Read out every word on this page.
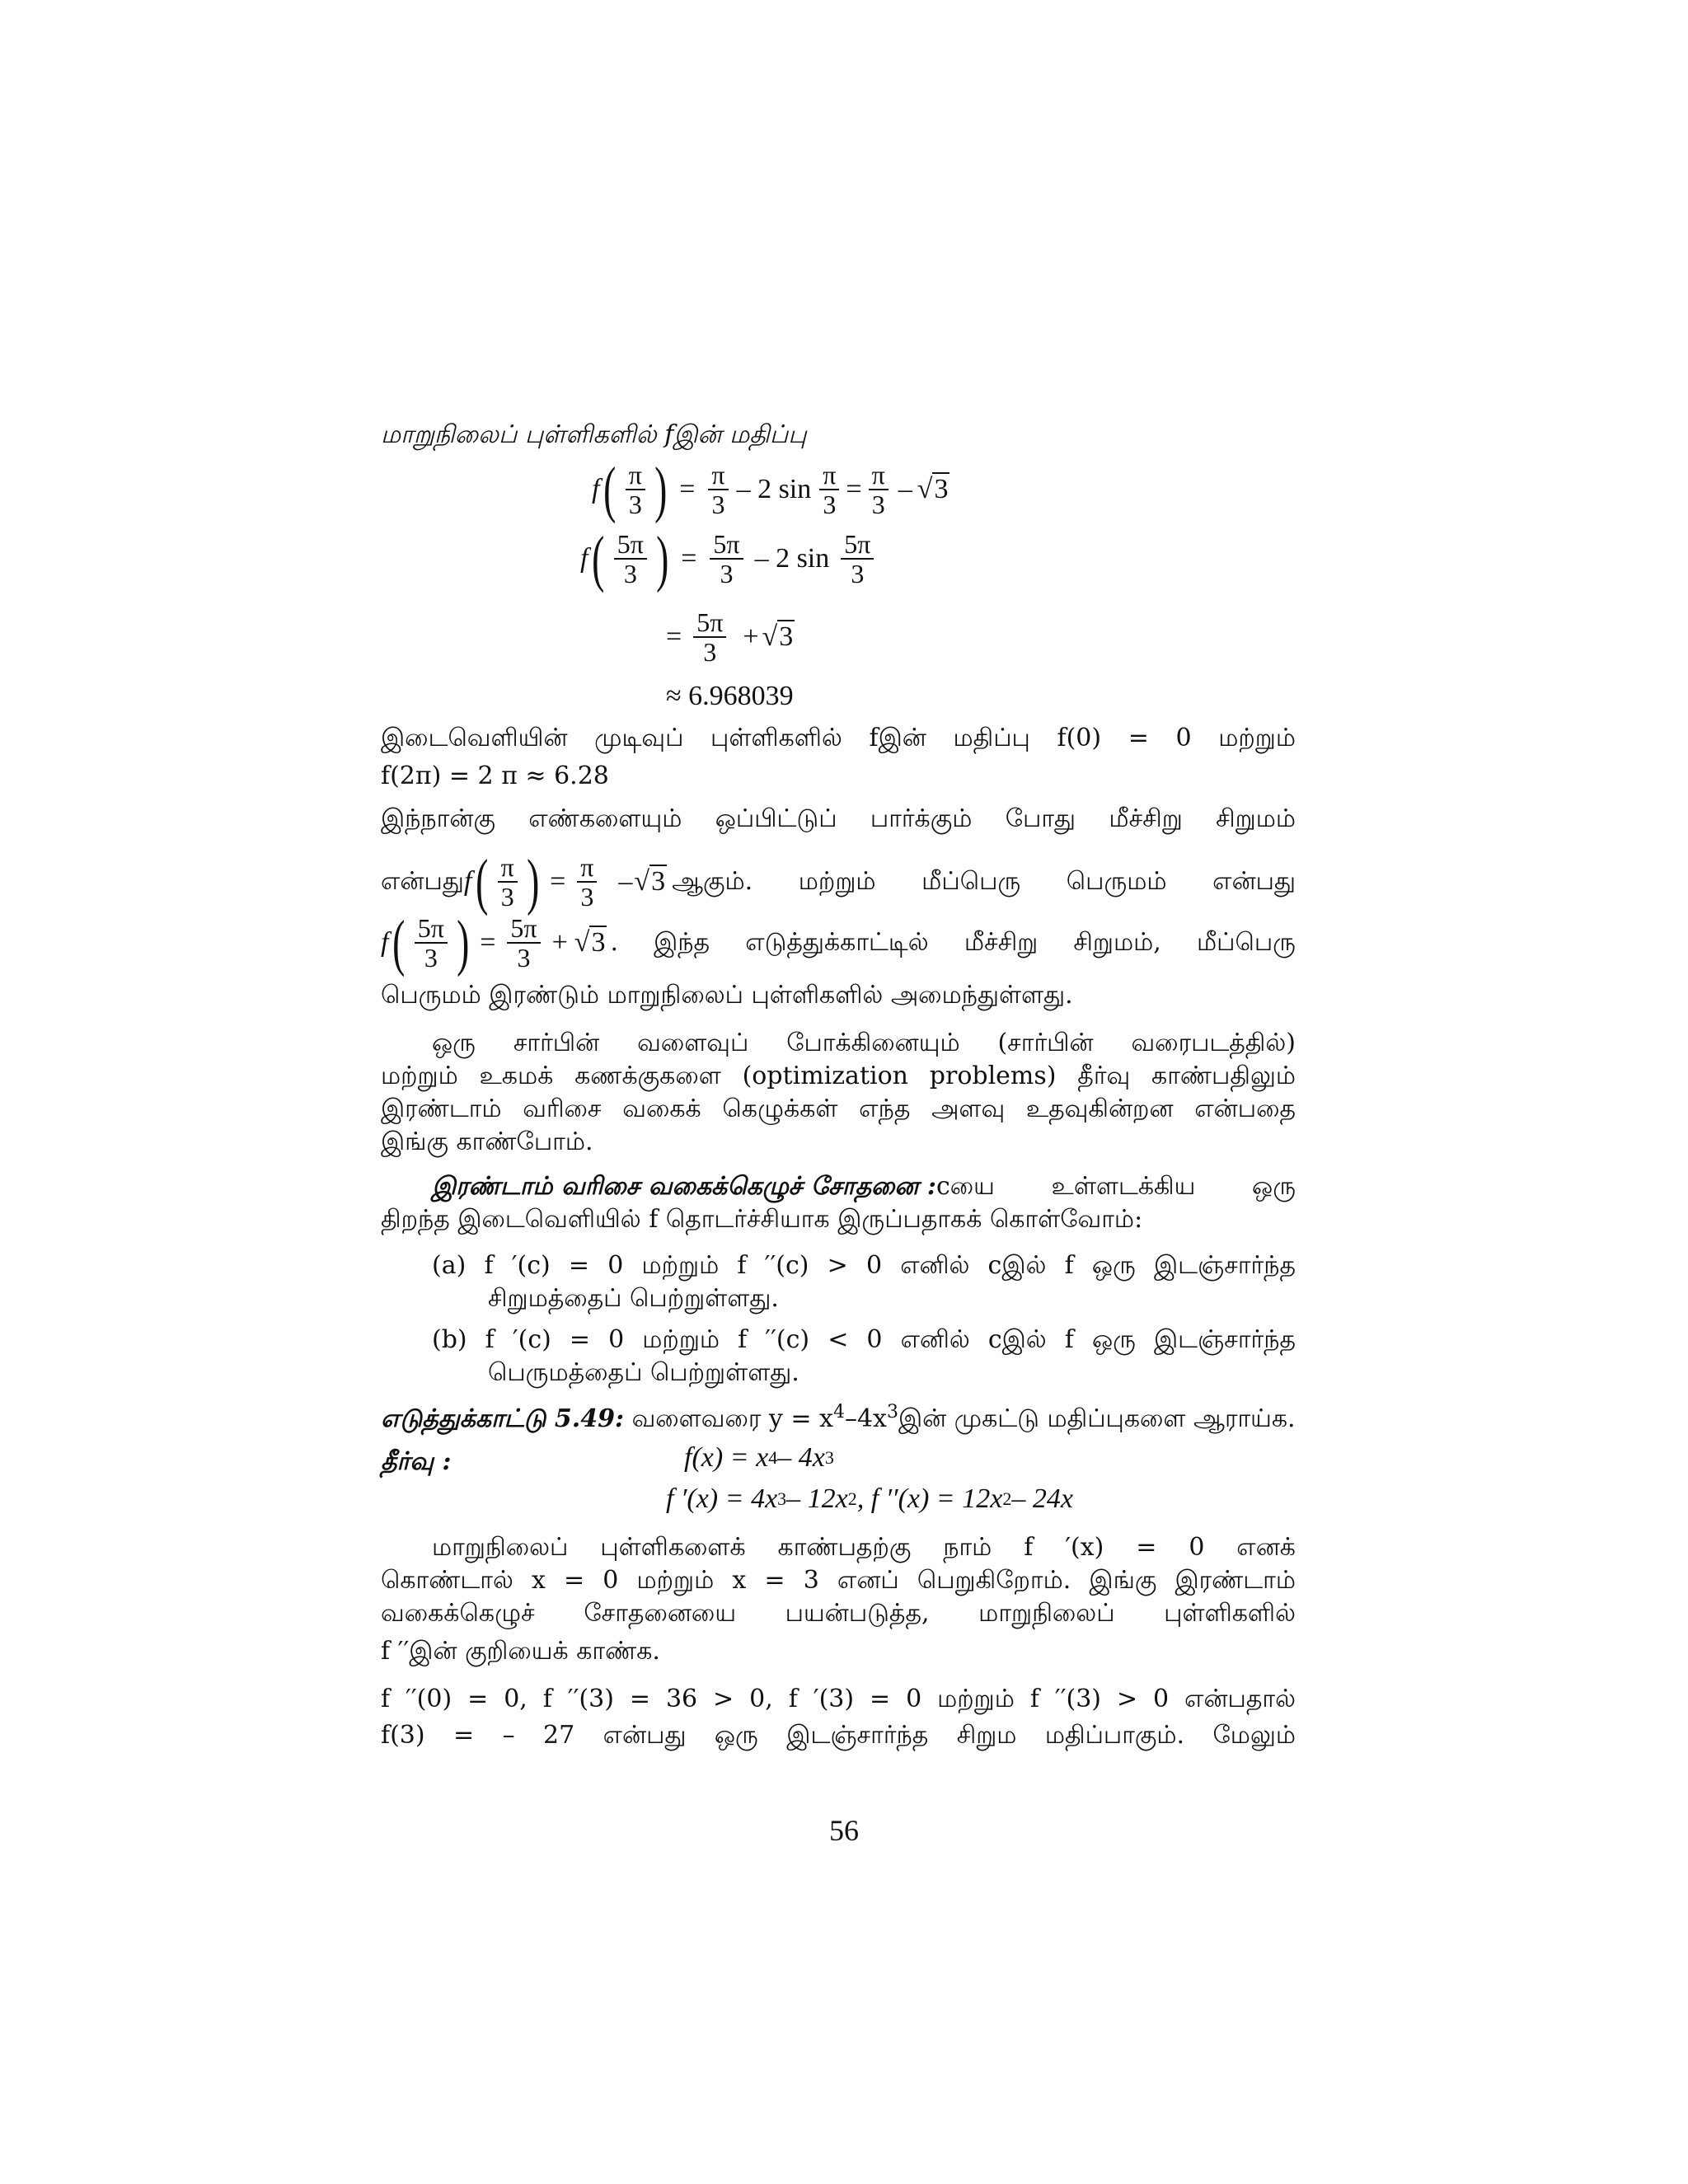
மாறுநிலைப் புள்ளிகளில் fஇன் மதிப்பு
f ( $\frac{\pi}{3}$ ) = $\frac{\pi}{3} - 2$ $\sin \frac{\pi}{3} = \frac{\pi}{3} - √3$
f ( $\frac{5\pi}{3}$ ) = $\frac{5\pi}{3} - 2$ $\sin \frac{5\pi}{3}$
= $\frac{5\pi}{3} + √3$
≈ 6.968039
இடைவெளியின் முடிவுப் புள்ளிகளில் fஇன் மதிப்பு f(0) = 0 மற்றும்
f(2π) = 2 π ≈ 6.28
இந்நான்கு எண்களையும் ஒப்பிட்டுப் பார்க்கும் போது மீச்சிறு சிறுமம்
என்பது f ( $\frac{\pi}{3}$ ) = $\frac{\pi}{3} - √3$ ஆகும். மற்றும் மீப்பெரு பெருமம் என்பது
f ( $\frac{5\pi}{3}$ ) = $\frac{5\pi}{3} + √3$ . இந்த எடுத்துக்காட்டில் மீச்சிறு சிறுமம், மீப்பெரு
பெருமம் இரண்டும் மாறுநிலைப் புள்ளிகளில் அமைந்துள்ளது.
ஒரு சார்பின் வளைவுப் போக்கினையும் (சார்பின் வரைபடத்தில்)
மற்றும் உகமக் கணக்குகளை (optimization problems) தீர்வு காண்பதிலும்
இரண்டாம் வரிசை வகைக் கெழுக்கள் எந்த அளவு உதவுகின்றன என்பதை
இங்கு காண்போம்.
இரண்டாம் வரிசை வகைக்கெழுச் சோதனை : cயை உள்ளடக்கிய ஒரு
திறந்த இடைவெளியில் f தொடர்ச்சியாக இருப்பதாகக் கொள்வோம்:
(a) f ′(c) = 0 மற்றும் f ′′(c) > 0 எனில் cஇல் f ஒரு இடஞ்சார்ந்த
சிறுமத்தைப் பெற்றுள்ளது.
(b) f ′(c) = 0 மற்றும் f ′′(c) < 0 எனில் cஇல் f ஒரு இடஞ்சார்ந்த
பெருமத்தைப் பெற்றுள்ளது.
எடுத்துக்காட்டு 5.49: வளைவரை $y = x^4-4x^3இன்$ முகட்டு மதிப்புகளை ஆராய்க.
தீர்வு :	f(x) = x 4 – 4x 3
f ′(x) = 4x 3 – 12x 2 , f ′′(x) = 12x 2 – 24x
மாறுநிலைப் புள்ளிகளைக் காண்பதற்கு நாம் f ′(x) = 0 எனக்
கொண்டால் x = 0 மற்றும் x = 3 எனப் பெறுகிறோம். இங்கு இரண்டாம்
வகைக்கெழுச் சோதனையை பயன்படுத்த, மாறுநிலைப் புள்ளிகளில்
f ′′இன் குறியைக் காண்க.
f ′′(0) = 0, f ′′(3) = 36 > 0, f ′(3) = 0 மற்றும் f ′′(3) > 0 என்பதால்
f(3) = – 27 என்பது ஒரு இடஞ்சார்ந்த சிறும மதிப்பாகும். மேலும்
56
